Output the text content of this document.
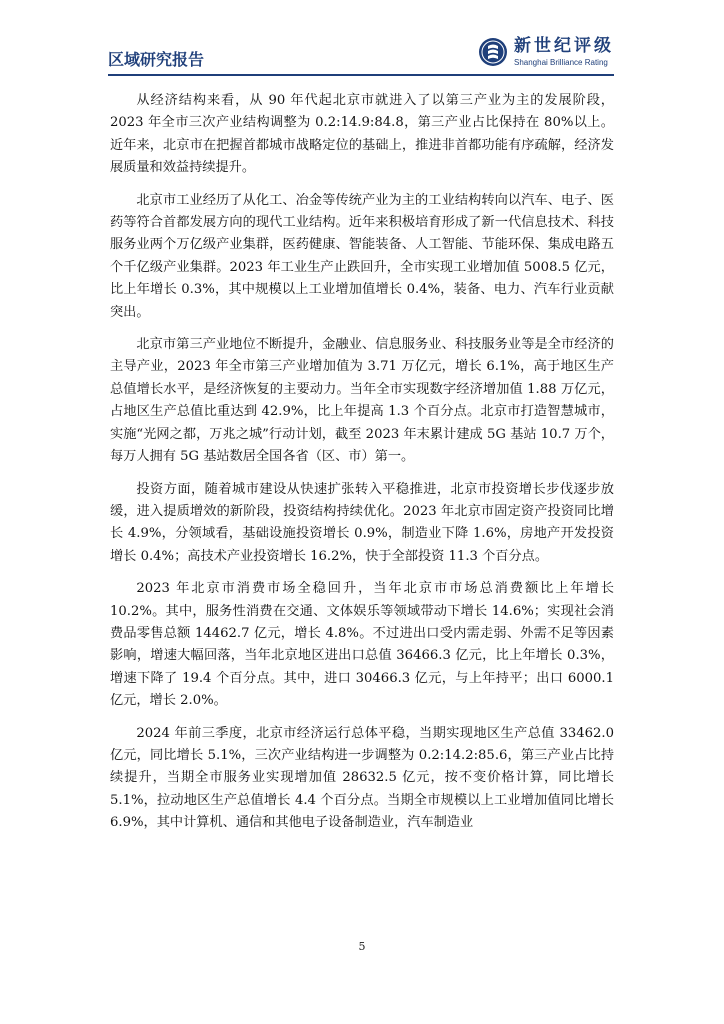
区域研究报告
新世纪评级
Shanghai Brilliance Rating

从经济结构来看，从 90 年代起北京市就进入了以第三产业为主的发展阶段，2023 年全市三次产业结构调整为 0.2:14.9:84.8，第三产业占比保持在 80%以上。近年来，北京市在把握首都城市战略定位的基础上，推进非首都功能有序疏解，经济发展质量和效益持续提升。

北京市工业经历了从化工、冶金等传统产业为主的工业结构转向以汽车、电子、医药等符合首都发展方向的现代工业结构。近年来积极培育形成了新一代信息技术、科技服务业两个万亿级产业集群，医药健康、智能装备、人工智能、节能环保、集成电路五个千亿级产业集群。2023 年工业生产止跌回升，全市实现工业增加值 5008.5 亿元，比上年增长 0.3%，其中规模以上工业增加值增长 0.4%，装备、电力、汽车行业贡献突出。

北京市第三产业地位不断提升，金融业、信息服务业、科技服务业等是全市经济的主导产业，2023 年全市第三产业增加值为 3.71 万亿元，增长 6.1%，高于地区生产总值增长水平，是经济恢复的主要动力。当年全市实现数字经济增加值 1.88 万亿元，占地区生产总值比重达到 42.9%，比上年提高 1.3 个百分点。北京市打造智慧城市，实施“光网之都，万兆之城”行动计划，截至 2023 年末累计建成 5G 基站 10.7 万个，每万人拥有 5G 基站数居全国各省（区、市）第一。

投资方面，随着城市建设从快速扩张转入平稳推进，北京市投资增长步伐逐步放缓，进入提质增效的新阶段，投资结构持续优化。2023 年北京市固定资产投资同比增长 4.9%，分领域看，基础设施投资增长 0.9%，制造业下降 1.6%，房地产开发投资增长 0.4%；高技术产业投资增长 16.2%，快于全部投资 11.3 个百分点。

2023 年北京市消费市场全稳回升，当年北京市市场总消费额比上年增长 10.2%。其中，服务性消费在交通、文体娱乐等领域带动下增长 14.6%；实现社会消费品零售总额 14462.7 亿元，增长 4.8%。不过进出口受内需走弱、外需不足等因素影响，增速大幅回落，当年北京地区进出口总值 36466.3 亿元，比上年增长 0.3%，增速下降了 19.4 个百分点。其中，进口 30466.3 亿元，与上年持平；出口 6000.1 亿元，增长 2.0%。

2024 年前三季度，北京市经济运行总体平稳，当期实现地区生产总值 33462.0 亿元，同比增长 5.1%，三次产业结构进一步调整为 0.2:14.2:85.6，第三产业占比持续提升，当期全市服务业实现增加值 28632.5 亿元，按不变价格计算，同比增长 5.1%，拉动地区生产总值增长 4.4 个百分点。当期全市规模以上工业增加值同比增长 6.9%，其中计算机、通信和其他电子设备制造业，汽车制造业

5
